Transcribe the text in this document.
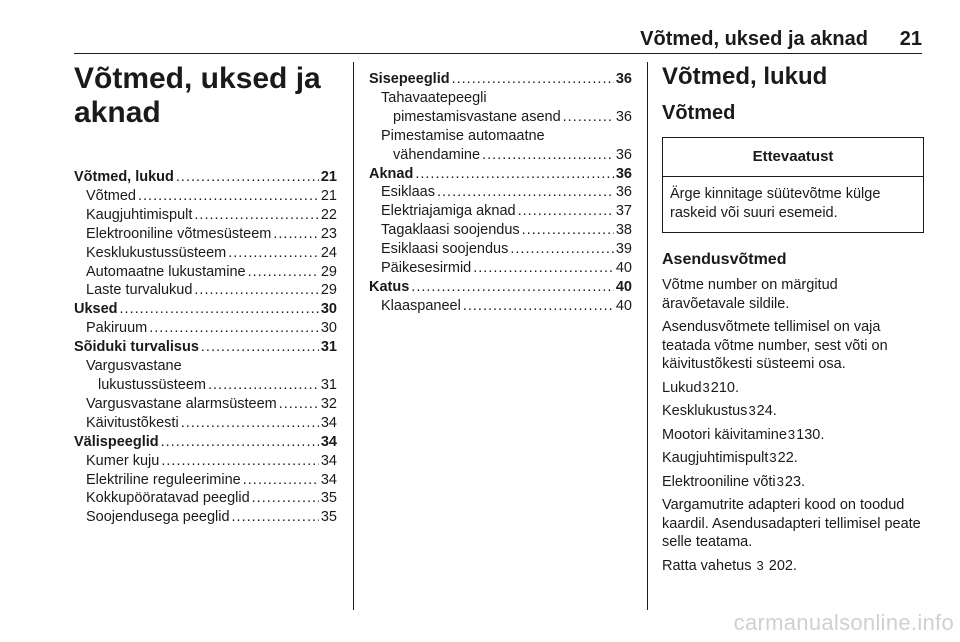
Võtmed, uksed ja aknad 21
Võtmed, uksed ja aknad
Võtmed, lukud .....	21
Võtmed .....	21
Kaugjuhtimispult .....	22
Elektrooniline võtmesüsteem .....	23
Kesklukustussüsteem .....	24
Automaatne lukustamine .....	29
Laste turvalukud .....	29
Uksed .....	30
Pakiruum .....	30
Sõiduki turvalisus .....	31
Vargusvastane
lukustussüsteem .....	31
Vargusvastane alarmsüsteem .....	32
Käivitustõkesti .....	34
Välispeeglid .....	34
Kumer kuju .....	34
Elektriline reguleerimine .....	34
Kokkupööratavad peeglid .....	35
Soojendusega peeglid .....	35
Sisepeeglid .....	36
Tahavaatepeegli
pimestamisvastane asend .....	36
Pimestamise automaatne
vähendamine .....	36
Aknad .....	36
Esiklaas .....	36
Elektriajamiga aknad .....	37
Tagaklaasi soojendus .....	38
Esiklaasi soojendus .....	39
Päikesesirmid .....	40
Katus .....	40
Klaaspaneel .....	40
Võtmed, lukud
Võtmed
Ettevaatust
Ärge kinnitage süütevõtme külge raskeid või suuri esemeid.
Asendusvõtmed

Võtme number on märgitud äravõetavale sildile.

Asendusvõtmete tellimisel on vaja teatada võtme number, sest võti on käivitustõkesti süsteemi osa.

Lukud3210.

Kesklukustus324.

Mootori käivitamine3130.

Kaugjuhtimispult322.

Elektrooniline võti323.

Vargamutrite adapteri kood on toodud kaardil. Asendusadapteri tellimisel peate selle teatama.

Ratta vahetus 3 202.

carmanualsonline.info
